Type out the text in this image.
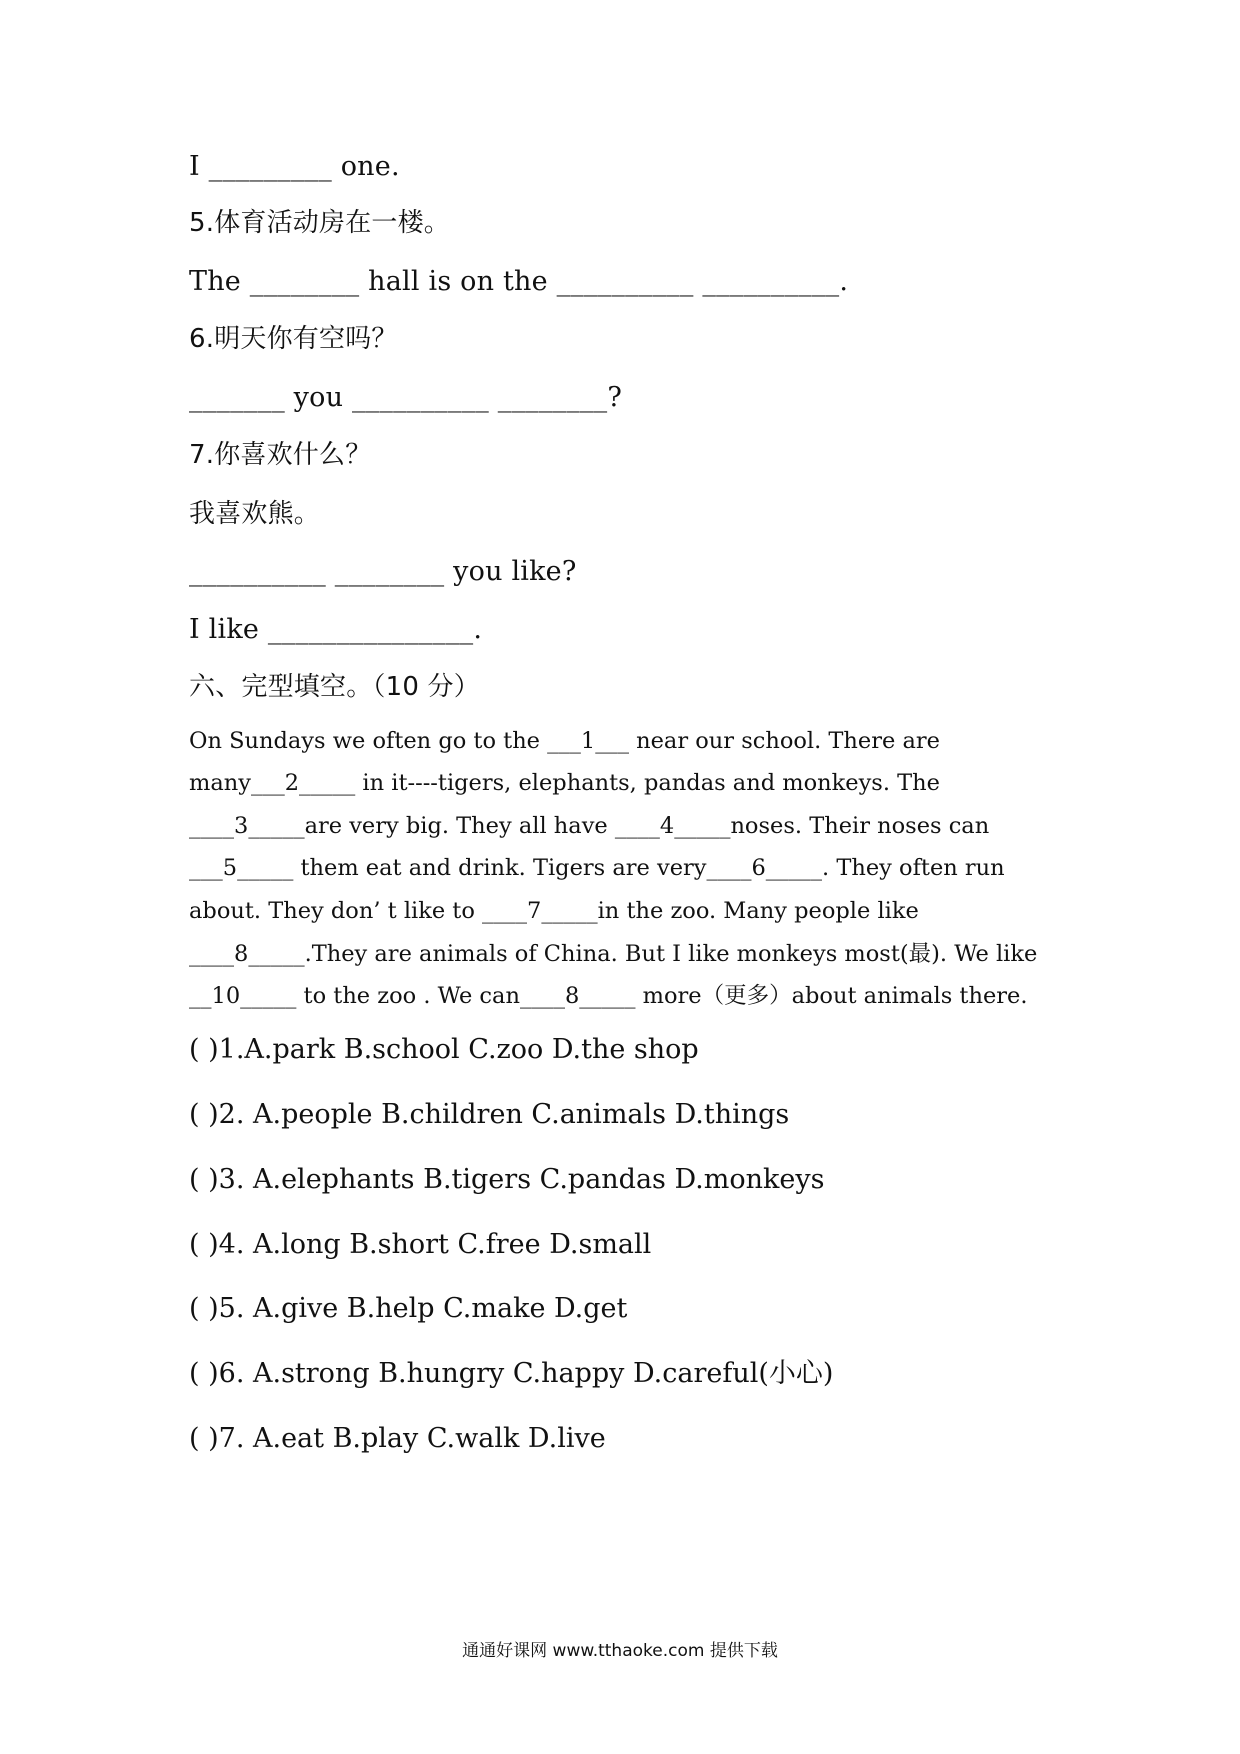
I _________ one.
5.体育活动房在一楼。
The ________ hall is on the __________ __________.
6.明天你有空吗？
_______ you __________ ________?
7.你喜欢什么？
我喜欢熊。
__________ ________ you like?
I like _______________.
六、完型填空。（10 分）
On Sundays we often go to the ___1___ near our school. There are
many___2_____ in it----tigers, elephants, pandas and monkeys. The
____3_____are very big. They all have ____4_____noses. Their noses can
___5_____ them eat and drink. Tigers are very____6_____. They often run
about. They don’ t like to ____7_____in the zoo. Many people like
____8_____.They are animals of China. But I like monkeys most(最). We like
__10_____ to the zoo . We can____8_____ more（更多）about animals there.
( )1.A.park B.school C.zoo D.the shop
( )2. A.people B.children C.animals D.things
( )3. A.elephants B.tigers C.pandas D.monkeys
( )4. A.long B.short C.free D.small
( )5. A.give B.help C.make D.get
( )6. A.strong B.hungry C.happy D.careful(小心)
( )7. A.eat B.play C.walk D.live
通通好课网 www.tthaoke.com 提供下载
